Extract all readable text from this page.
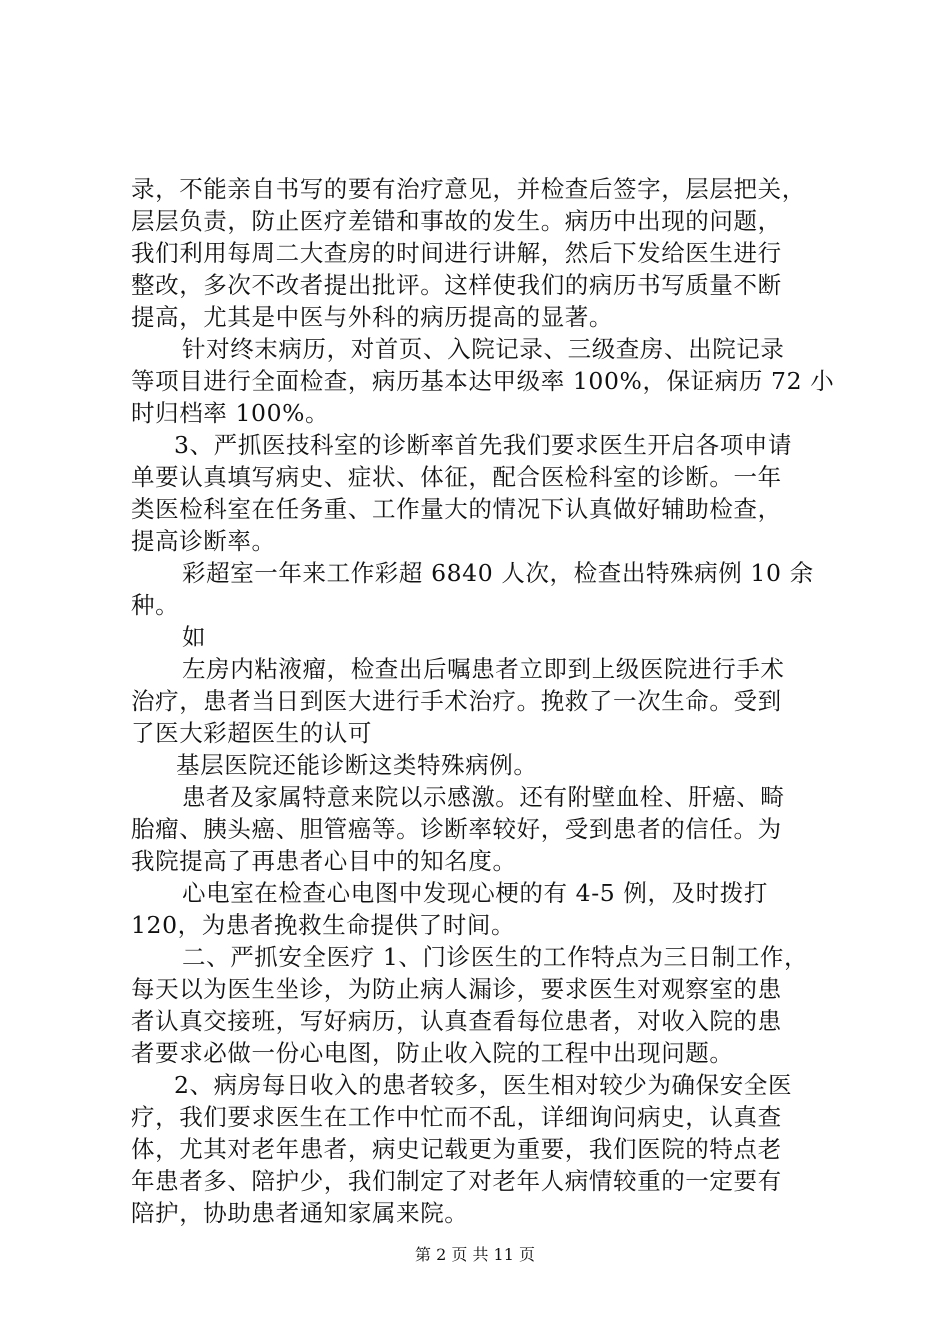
录，不能亲自书写的要有治疗意见，并检查后签字，层层把关，
层层负责，防止医疗差错和事故的发生。病历中出现的问题，
我们利用每周二大查房的时间进行讲解，然后下发给医生进行
整改，多次不改者提出批评。这样使我们的病历书写质量不断
提高，尤其是中医与外科的病历提高的显著。
针对终末病历，对首页、入院记录、三级查房、出院记录
等项目进行全面检查，病历基本达甲级率 100%，保证病历 72 小
时归档率 100%。
3、严抓医技科室的诊断率首先我们要求医生开启各项申请
单要认真填写病史、症状、体征，配合医检科室的诊断。一年
类医检科室在任务重、工作量大的情况下认真做好辅助检查，
提高诊断率。
彩超室一年来工作彩超 6840 人次，检查出特殊病例 10 余
种。
如
左房内粘液瘤，检查出后嘱患者立即到上级医院进行手术
治疗，患者当日到医大进行手术治疗。挽救了一次生命。受到
了医大彩超医生的认可
基层医院还能诊断这类特殊病例。
患者及家属特意来院以示感激。还有附壁血栓、肝癌、畸
胎瘤、胰头癌、胆管癌等。诊断率较好，受到患者的信任。为
我院提高了再患者心目中的知名度。
心电室在检查心电图中发现心梗的有 4-5 例，及时拨打
120，为患者挽救生命提供了时间。
二、严抓安全医疗 1、门诊医生的工作特点为三日制工作，
每天以为医生坐诊，为防止病人漏诊，要求医生对观察室的患
者认真交接班，写好病历，认真查看每位患者，对收入院的患
者要求必做一份心电图，防止收入院的工程中出现问题。
2、病房每日收入的患者较多，医生相对较少为确保安全医
疗，我们要求医生在工作中忙而不乱，详细询问病史，认真查
体，尤其对老年患者，病史记载更为重要，我们医院的特点老
年患者多、陪护少，我们制定了对老年人病情较重的一定要有
陪护，协助患者通知家属来院。
第 2 页 共 11 页
